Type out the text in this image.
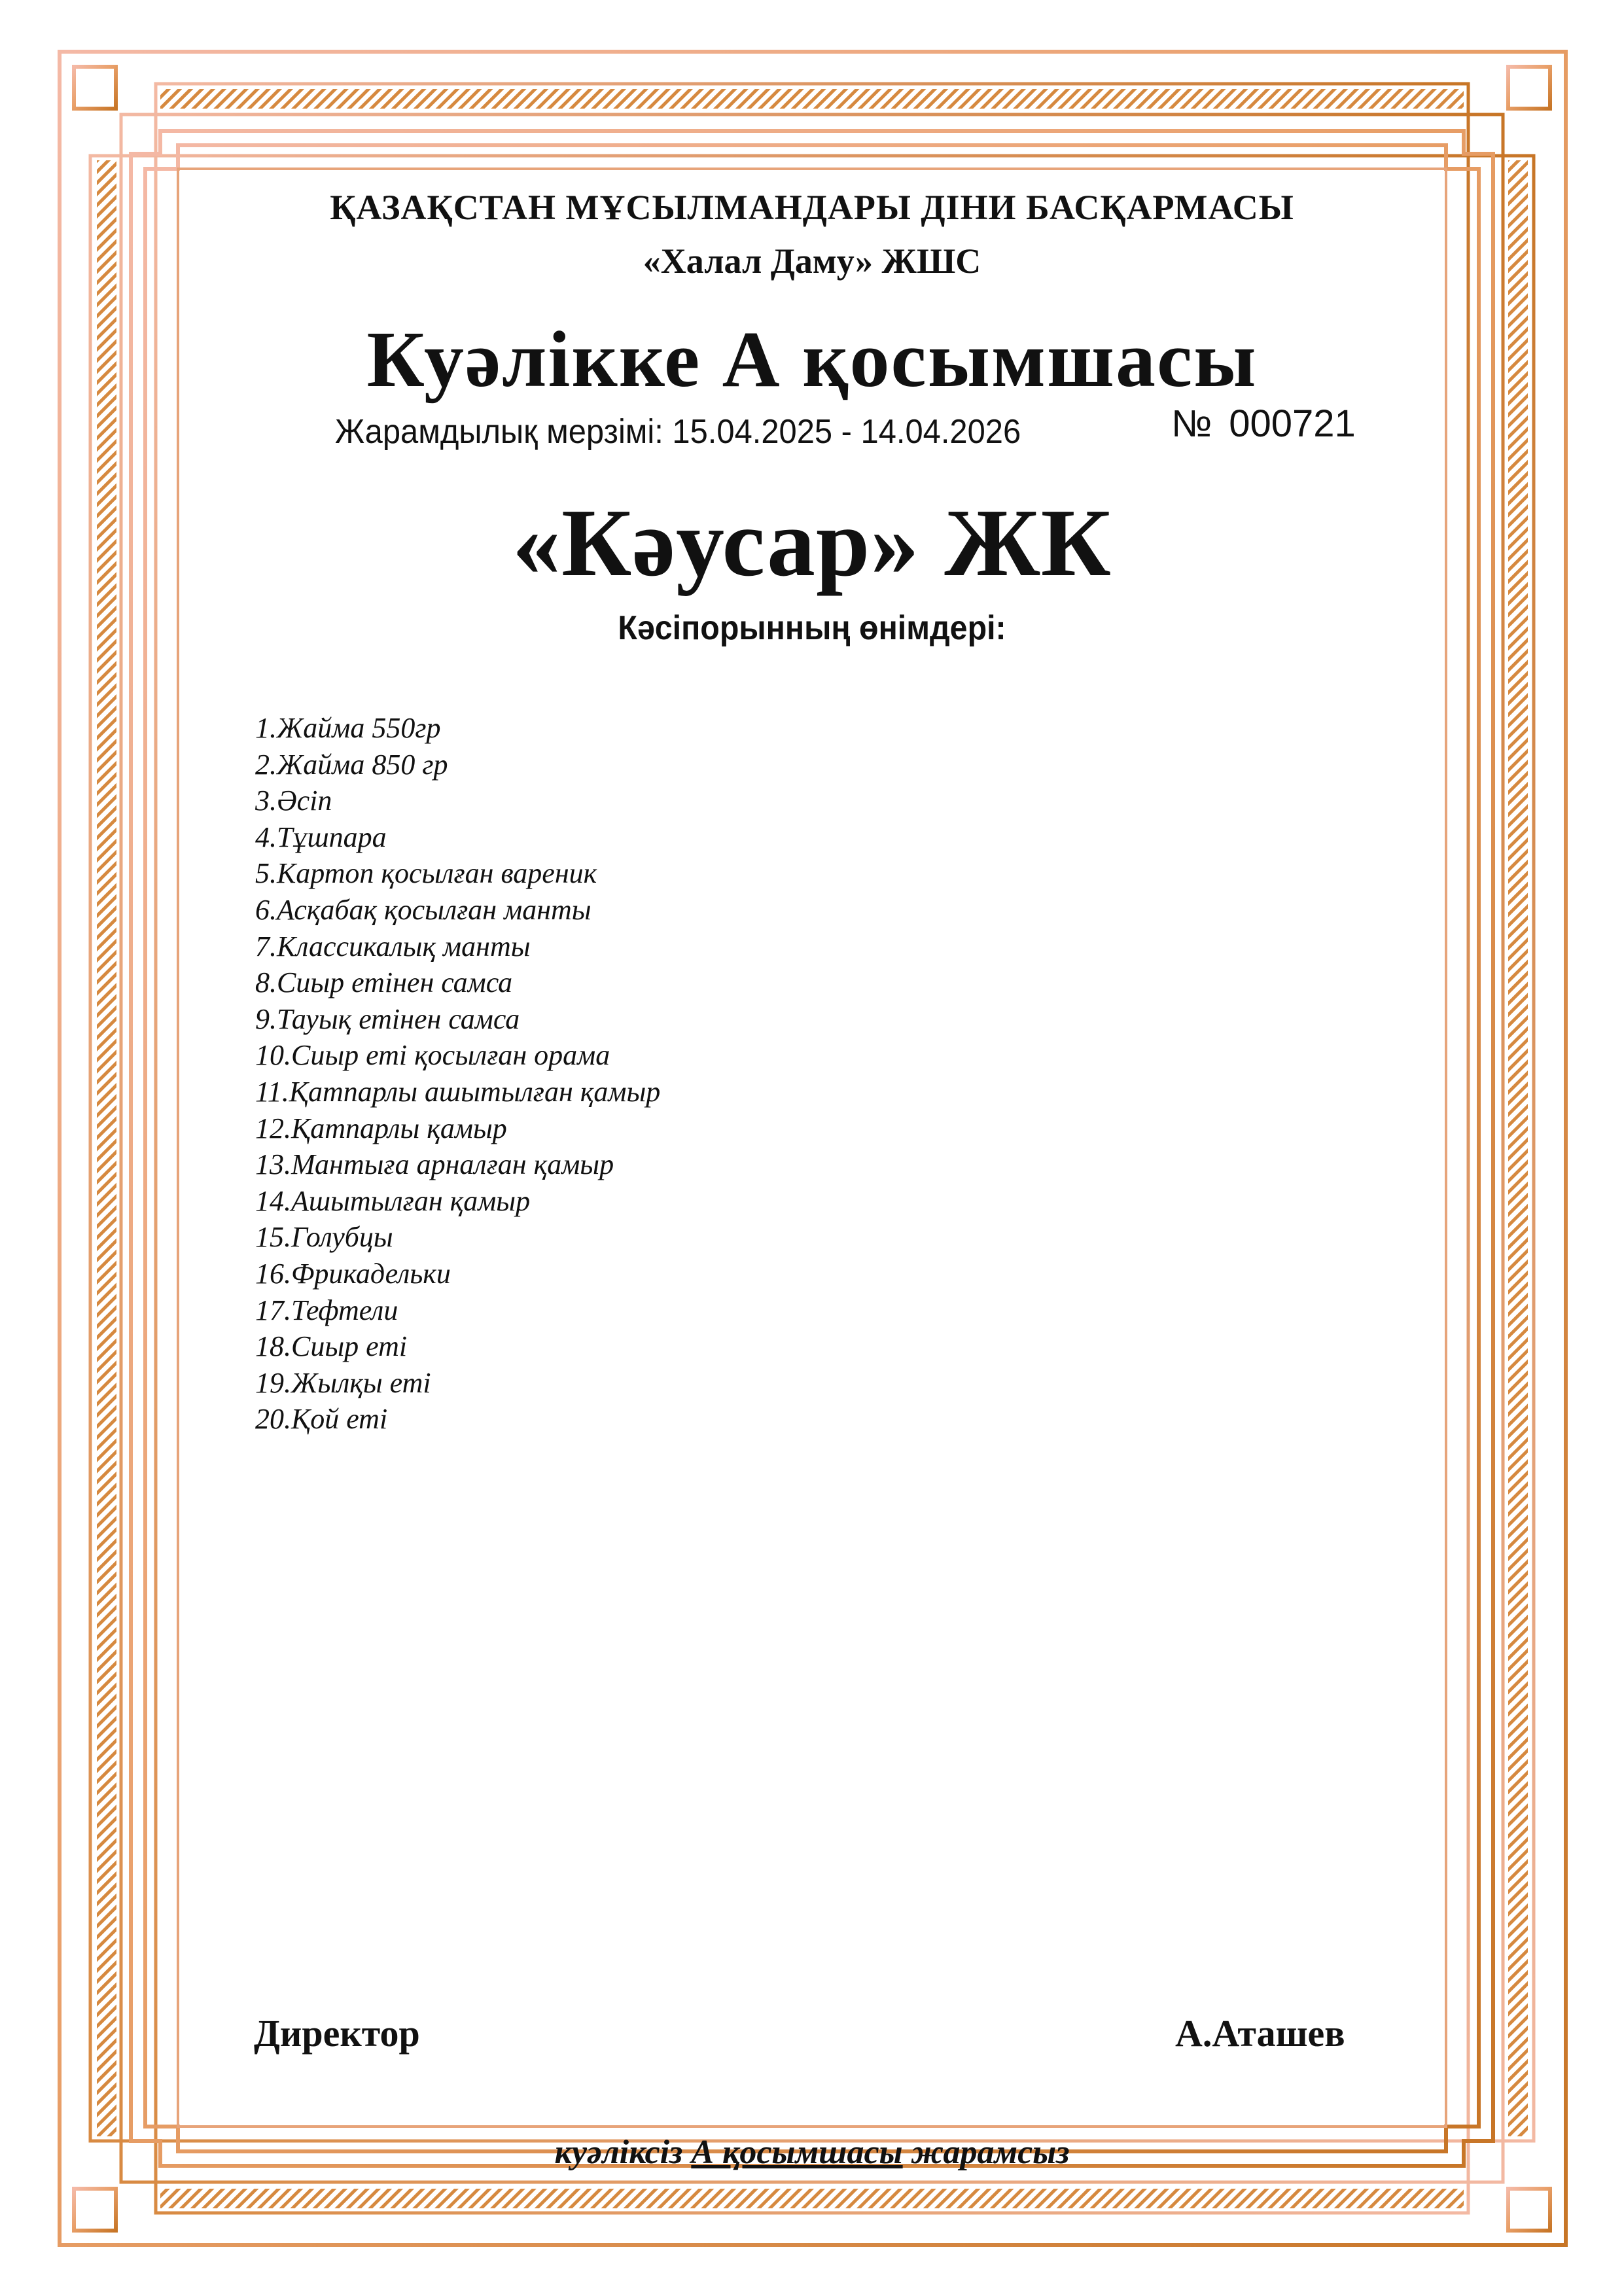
ҚАЗАҚСТАН МҰСЫЛМАНДАРЫ ДІНИ БАСҚАРМАСЫ
«Халал Даму» ЖШС
Куәлікке А қосымшасы
Жарамдылық мерзімі: 15.04.2025 - 14.04.2026	№ 000721
«Кәусар» ЖК
Кәсіпорынның өнімдері:
1.Жайма 550гр
2.Жайма 850 гр
3.Әсіп
4.Тұшпара
5.Картоп қосылған вареник
6.Асқабақ қосылған манты
7.Классикалық манты
8.Сиыр етінен самса
9.Тауық етінен самса
10.Сиыр еті қосылған орама
11.Қатпарлы ашытылған қамыр
12.Қатпарлы қамыр
13.Мантыға арналған қамыр
14.Ашытылған қамыр
15.Голубцы
16.Фрикадельки
17.Тефтели
18.Сиыр еті
19.Жылқы еті
20.Қой еті
Директор	А.Аташев
куәліксіз А қосымшасы жарамсыз
